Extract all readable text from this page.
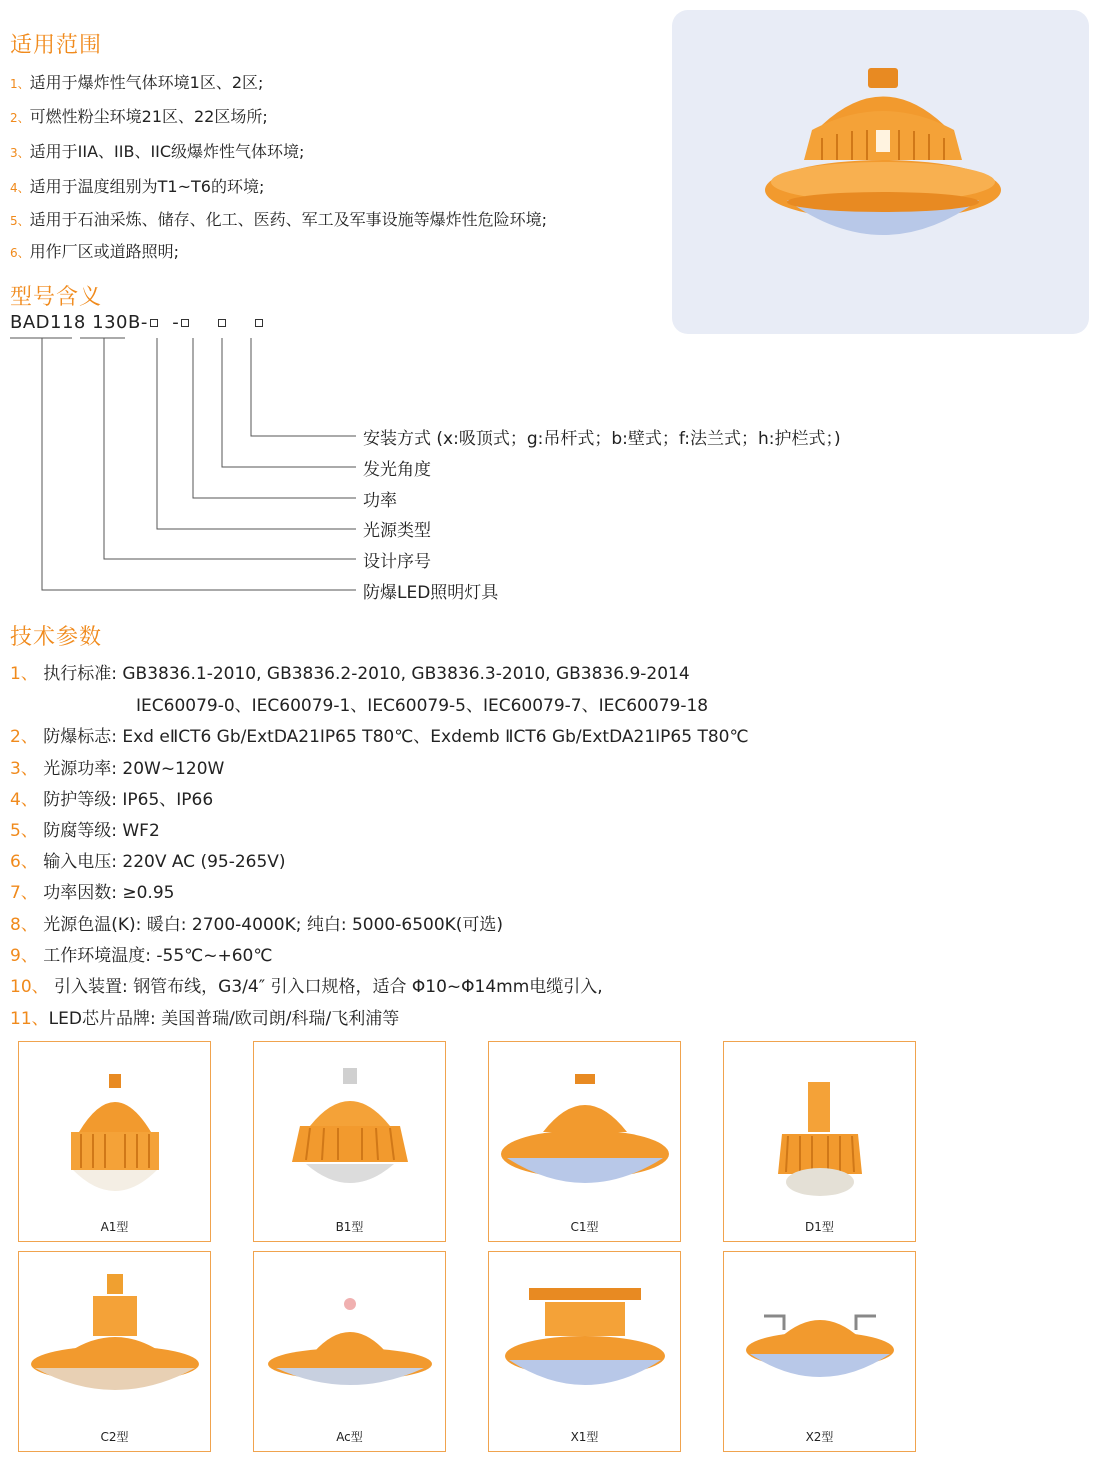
适用范围
1、适用于爆炸性气体环境1区、2区;
2、可燃性粉尘环境21区、22区场所;
3、适用于IIA、IIB、IIC级爆炸性气体环境;
4、适用于温度组别为T1~T6的环境;
5、适用于石油采炼、储存、化工、医药、军工及军事设施等爆炸性危险环境;
6、用作厂区或道路照明;
型号含义
BAD118 130B- -
安装方式 (x:吸顶式；g:吊杆式；b:壁式；f:法兰式；h:护栏式；)
发光角度
功率
光源类型
设计序号
防爆LED照明灯具
技术参数
1、 执行标准: GB3836.1-2010, GB3836.2-2010, GB3836.3-2010, GB3836.9-2014
IEC60079-0、IEC60079-1、IEC60079-5、IEC60079-7、IEC60079-18
2、 防爆标志: Exd eⅡCT6 Gb/ExtDA21IP65 T80℃、Exdemb ⅡCT6 Gb/ExtDA21IP65 T80℃
3、 光源功率: 20W~120W
4、 防护等级: IP65、IP66
5、 防腐等级: WF2
6、 输入电压: 220V AC (95-265V)
7、 功率因数: ≥0.95
8、 光源色温(K): 暖白: 2700-4000K; 纯白: 5000-6500K(可选)
9、 工作环境温度: -55℃~+60℃
10、 引入装置: 钢管布线，G3/4″ 引入口规格，适合 Φ10~Φ14mm电缆引入,
11、LED芯片品牌: 美国普瑞/欧司朗/科瑞/飞利浦等
A1型	B1型	C1型	D1型
C2型	Ac型	X1型	X2型
